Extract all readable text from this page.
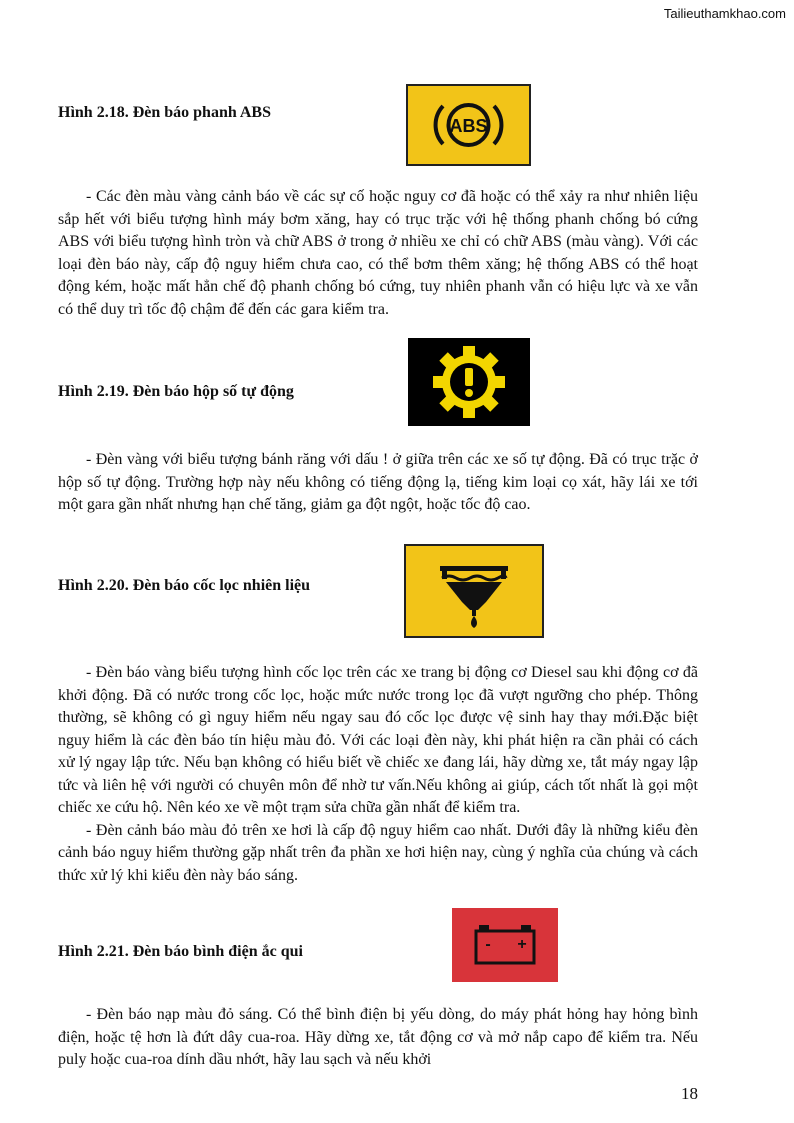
Tailieuthamkhao.com
Hình 2.18. Đèn báo phanh ABS
ABS

- Các đèn màu vàng cảnh báo về các sự cố hoặc nguy cơ đã hoặc có thể xảy ra như nhiên liệu sắp hết với biểu tượng hình máy bơm xăng, hay có trục trặc với hệ thống phanh chống bó cứng ABS với biểu tượng hình tròn và chữ ABS ở trong ở nhiều xe chỉ có chữ ABS (màu vàng). Với các loại đèn báo này, cấp độ nguy hiểm chưa cao, có thể bơm thêm xăng; hệ thống ABS có thể hoạt động kém, hoặc mất hẳn chế độ phanh chống bó cứng, tuy nhiên phanh vẫn có hiệu lực và xe vẫn có thể duy trì tốc độ chậm để đến các gara kiểm tra.

Hình 2.19. Đèn báo hộp số tự động

- Đèn vàng với biểu tượng bánh răng với dấu ! ở giữa trên các xe số tự động. Đã có trục trặc ở hộp số tự động. Trường hợp này nếu không có tiếng động lạ, tiếng kim loại cọ xát, hãy lái xe tới một gara gần nhất nhưng hạn chế tăng, giảm ga đột ngột, hoặc tốc độ cao.

Hình 2.20. Đèn báo cốc lọc nhiên liệu

- Đèn báo vàng biểu tượng hình cốc lọc trên các xe trang bị động cơ Diesel sau khi động cơ đã khởi động. Đã có nước trong cốc lọc, hoặc mức nước trong lọc đã vượt ngưỡng cho phép. Thông thường, sẽ không có gì nguy hiểm nếu ngay sau đó cốc lọc được vệ sinh hay thay mới.Đặc biệt nguy hiểm là các đèn báo tín hiệu màu đỏ. Với các loại đèn này, khi phát hiện ra cần phải có cách xử lý ngay lập tức. Nếu bạn không có hiểu biết về chiếc xe đang lái, hãy dừng xe, tắt máy ngay lập tức và liên hệ với người có chuyên môn để nhờ tư vấn.Nếu không ai giúp, cách tốt nhất là gọi một chiếc xe cứu hộ. Nên kéo xe về một trạm sửa chữa gần nhất để kiểm tra.

- Đèn cảnh báo màu đỏ trên xe hơi là cấp độ nguy hiểm cao nhất. Dưới đây là những kiểu đèn cảnh báo nguy hiểm thường gặp nhất trên đa phần xe hơi hiện nay, cùng ý nghĩa của chúng và cách thức xử lý khi kiểu đèn này báo sáng.

Hình 2.21. Đèn báo bình điện ắc qui	- +

- Đèn báo nạp màu đỏ sáng. Có thể bình điện bị yếu dòng, do máy phát hỏng hay hỏng bình điện, hoặc tệ hơn là đứt dây cua-roa. Hãy dừng xe, tắt động cơ và mở nắp capo để kiểm tra. Nếu puly hoặc cua-roa dính dầu nhớt, hãy lau sạch và nếu khởi

18
